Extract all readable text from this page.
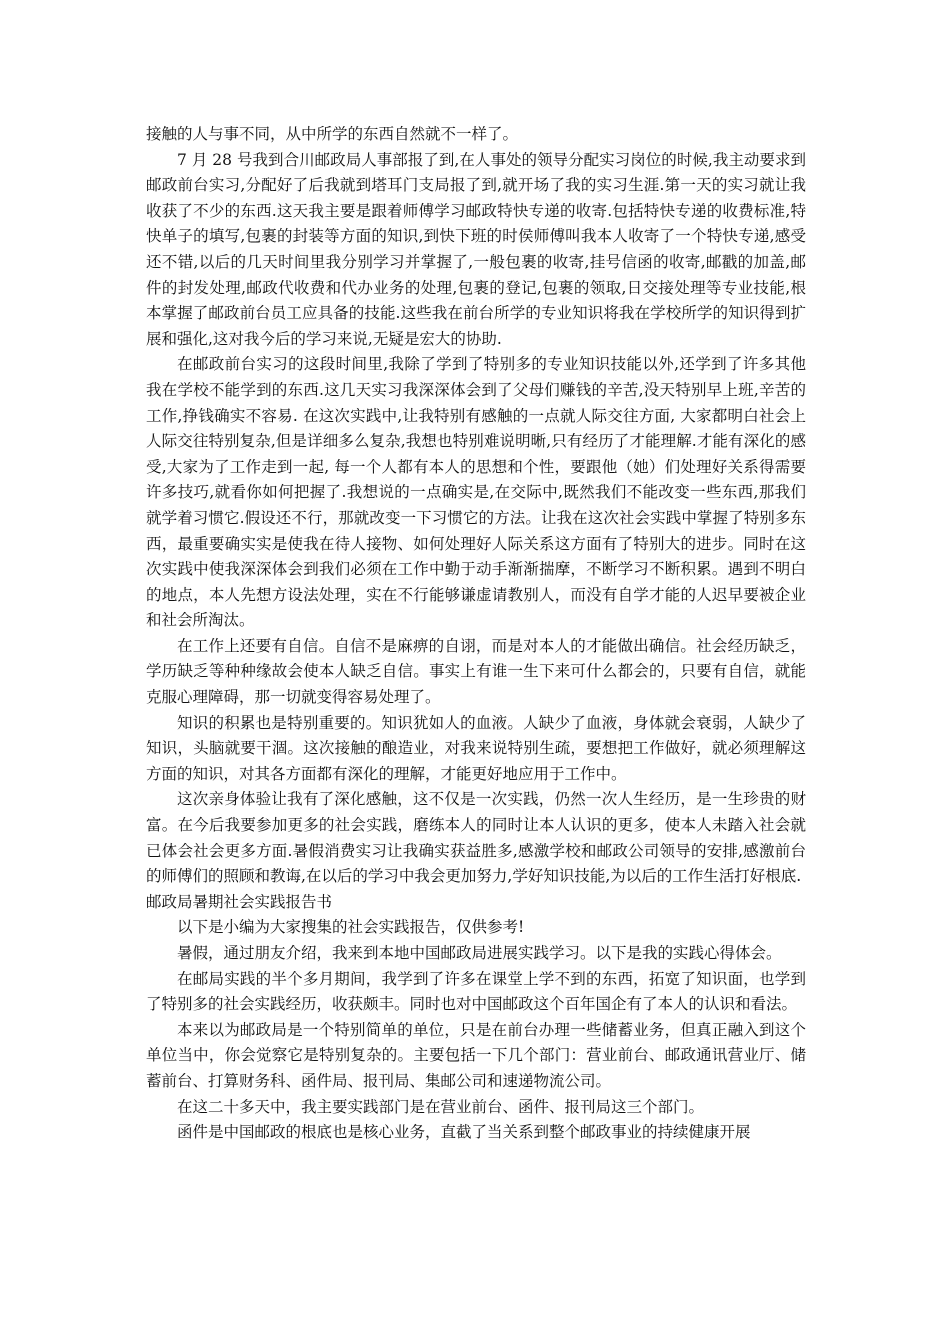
接触的人与事不同，从中所学的东西自然就不一样了。

7 月 28 号我到合川邮政局人事部报了到,在人事处的领导分配实习岗位的时候,我主动要求到邮政前台实习,分配好了后我就到塔耳门支局报了到,就开场了我的实习生涯.第一天的实习就让我收获了不少的东西.这天我主要是跟着师傅学习邮政特快专递的收寄.包括特快专递的收费标准,特快单子的填写,包裹的封装等方面的知识,到快下班的时侯师傅叫我本人收寄了一个特快专递,感受还不错,以后的几天时间里我分别学习并掌握了,一般包裹的收寄,挂号信函的收寄,邮戳的加盖,邮件的封发处理,邮政代收费和代办业务的处理,包裹的登记,包裹的领取,日交接处理等专业技能,根本掌握了邮政前台员工应具备的技能.这些我在前台所学的专业知识将我在学校所学的知识得到扩展和强化,这对我今后的学习来说,无疑是宏大的协助.

在邮政前台实习的这段时间里,我除了学到了特别多的专业知识技能以外,还学到了许多其他我在学校不能学到的东西.这几天实习我深深体会到了父母们赚钱的辛苦,没天特别早上班,辛苦的工作,挣钱确实不容易. 在这次实践中,让我特别有感触的一点就人际交往方面, 大家都明白社会上人际交往特别复杂,但是详细多么复杂,我想也特别难说明晰,只有经历了才能理解.才能有深化的感受,大家为了工作走到一起, 每一个人都有本人的思想和个性，要跟他（她）们处理好关系得需要许多技巧,就看你如何把握了.我想说的一点确实是,在交际中,既然我们不能改变一些东西,那我们就学着习惯它.假设还不行，那就改变一下习惯它的方法。让我在这次社会实践中掌握了特别多东西，最重要确实实是使我在待人接物、如何处理好人际关系这方面有了特别大的进步。同时在这次实践中使我深深体会到我们必须在工作中勤于动手渐渐揣摩，不断学习不断积累。遇到不明白的地点，本人先想方设法处理，实在不行能够谦虚请教别人，而没有自学才能的人迟早要被企业和社会所淘汰。

在工作上还要有自信。自信不是麻痹的自诩，而是对本人的才能做出确信。社会经历缺乏，学历缺乏等种种缘故会使本人缺乏自信。事实上有谁一生下来可什么都会的，只要有自信，就能克服心理障碍，那一切就变得容易处理了。

知识的积累也是特别重要的。知识犹如人的血液。人缺少了血液，身体就会衰弱，人缺少了知识，头脑就要干涸。这次接触的酿造业，对我来说特别生疏，要想把工作做好，就必须理解这方面的知识，对其各方面都有深化的理解，才能更好地应用于工作中。

这次亲身体验让我有了深化感触，这不仅是一次实践，仍然一次人生经历，是一生珍贵的财富。在今后我要参加更多的社会实践，磨练本人的同时让本人认识的更多，使本人未踏入社会就已体会社会更多方面.暑假消费实习让我确实获益胜多,感激学校和邮政公司领导的安排,感激前台的师傅们的照顾和教诲,在以后的学习中我会更加努力,学好知识技能,为以后的工作生活打好根底.

邮政局暑期社会实践报告书

以下是小编为大家搜集的社会实践报告，仅供参考!

暑假，通过朋友介绍，我来到本地中国邮政局进展实践学习。以下是我的实践心得体会。

在邮局实践的半个多月期间，我学到了许多在课堂上学不到的东西，拓宽了知识面，也学到了特别多的社会实践经历，收获颇丰。同时也对中国邮政这个百年国企有了本人的认识和看法。

本来以为邮政局是一个特别简单的单位，只是在前台办理一些储蓄业务，但真正融入到这个单位当中，你会觉察它是特别复杂的。主要包括一下几个部门：营业前台、邮政通讯营业厅、储蓄前台、打算财务科、函件局、报刊局、集邮公司和速递物流公司。

在这二十多天中，我主要实践部门是在营业前台、函件、报刊局这三个部门。

函件是中国邮政的根底也是核心业务，直截了当关系到整个邮政事业的持续健康开展
